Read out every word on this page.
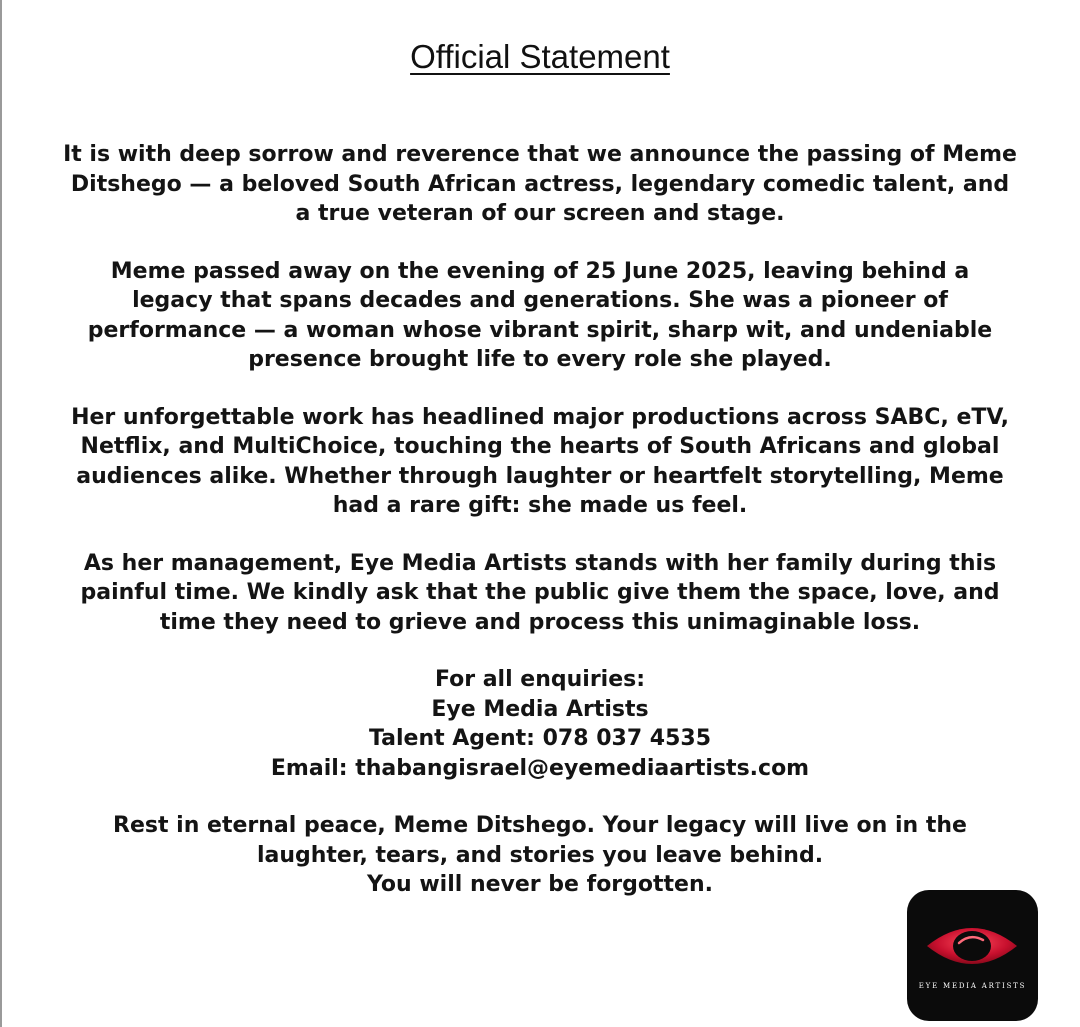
Official Statement

It is with deep sorrow and reverence that we announce the passing of Meme
Ditshego — a beloved South African actress, legendary comedic talent, and
a true veteran of our screen and stage.

Meme passed away on the evening of 25 June 2025, leaving behind a
legacy that spans decades and generations. She was a pioneer of
performance — a woman whose vibrant spirit, sharp wit, and undeniable
presence brought life to every role she played.

Her unforgettable work has headlined major productions across SABC, eTV,
Netflix, and MultiChoice, touching the hearts of South Africans and global
audiences alike. Whether through laughter or heartfelt storytelling, Meme
had a rare gift: she made us feel.

As her management, Eye Media Artists stands with her family during this
painful time. We kindly ask that the public give them the space, love, and
time they need to grieve and process this unimaginable loss.

For all enquiries:
Eye Media Artists
Talent Agent: 078 037 4535
Email: thabangisrael@eyemediaartists.com

Rest in eternal peace, Meme Ditshego. Your legacy will live on in the
laughter, tears, and stories you leave behind.
You will never be forgotten.

EYE MEDIA ARTISTS
